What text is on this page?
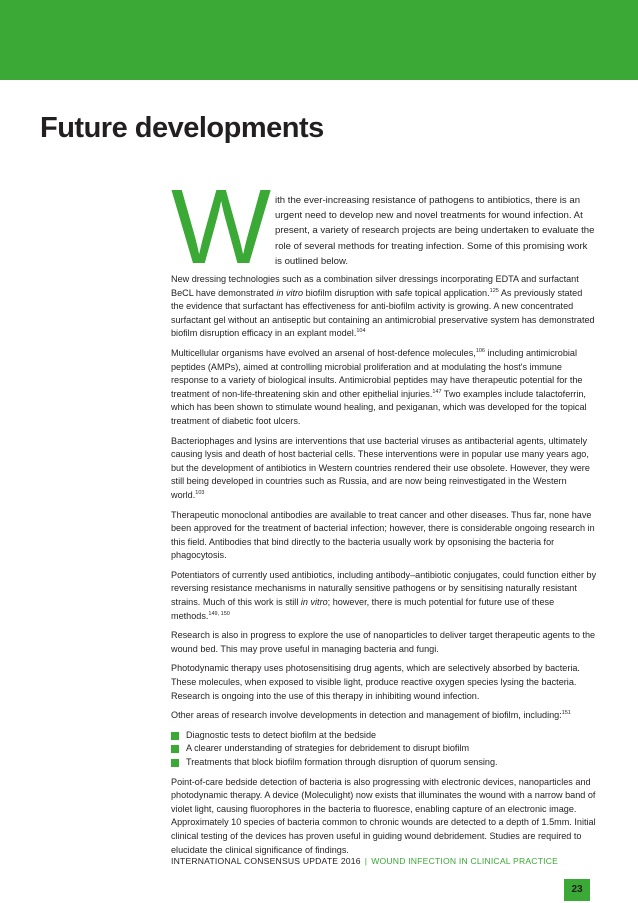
Future developments
W ith the ever-increasing resistance of pathogens to antibiotics, there is an urgent need to develop new and novel treatments for wound infection. At present, a variety of research projects are being undertaken to evaluate the role of several methods for treating infection. Some of this promising work is outlined below.

New dressing technologies such as a combination silver dressings incorporating EDTA and surfactant BeCL have demonstrated in vitro biofilm disruption with safe topical application.$^{125}$ As previously stated the evidence that surfactant has effectiveness for anti-biofilm activity is growing. A new concentrated surfactant gel without an antiseptic but containing an antimicrobial preservative system has demonstrated biofilm disruption efficacy in an explant model.$^{104}$

Multicellular organisms have evolved an arsenal of host-defence molecules,$^{106}$ including antimicrobial peptides (AMPs), aimed at controlling microbial proliferation and at modulating the host's immune response to a variety of biological insults. Antimicrobial peptides may have therapeutic potential for the treatment of non-life-threatening skin and other epithelial injuries.$^{147}$ Two examples include talactoferrin, which has been shown to stimulate wound healing, and pexiganan, which was developed for the topical treatment of diabetic foot ulcers.

Bacteriophages and lysins are interventions that use bacterial viruses as antibacterial agents, ultimately causing lysis and death of host bacterial cells. These interventions were in popular use many years ago, but the development of antibiotics in Western countries rendered their use obsolete. However, they were still being developed in countries such as Russia, and are now being reinvestigated in the Western world.$^{103}$

Therapeutic monoclonal antibodies are available to treat cancer and other diseases. Thus far, none have been approved for the treatment of bacterial infection; however, there is considerable ongoing research in this field. Antibodies that bind directly to the bacteria usually work by opsonising the bacteria for phagocytosis.

Potentiators of currently used antibiotics, including antibody–antibiotic conjugates, could function either by reversing resistance mechanisms in naturally sensitive pathogens or by sensitising naturally resistant strains. Much of this work is still in vitro; however, there is much potential for future use of these methods.$^{149, 150}$

Research is also in progress to explore the use of nanoparticles to deliver target therapeutic agents to the wound bed. This may prove useful in managing bacteria and fungi.

Photodynamic therapy uses photosensitising drug agents, which are selectively absorbed by bacteria. These molecules, when exposed to visible light, produce reactive oxygen species lysing the bacteria. Research is ongoing into the use of this therapy in inhibiting wound infection.

Other areas of research involve developments in detection and management of biofilm, including:$^{151}$

Diagnostic tests to detect biofilm at the bedside
A clearer understanding of strategies for debridement to disrupt biofilm
Treatments that block biofilm formation through disruption of quorum sensing.

Point-of-care bedside detection of bacteria is also progressing with electronic devices, nanoparticles and photodynamic therapy. A device (Moleculight) now exists that illuminates the wound with a narrow band of violet light, causing fluorophores in the bacteria to fluoresce, enabling capture of an electronic image. Approximately 10 species of bacteria common to chronic wounds are detected to a depth of 1.5mm. Initial clinical testing of the devices has proven useful in guiding wound debridement. Studies are required to elucidate the clinical significance of findings.

INTERNATIONAL CONSENSUS UPDATE 2016 | WOUND INFECTION IN CLINICAL PRACTICE
23
